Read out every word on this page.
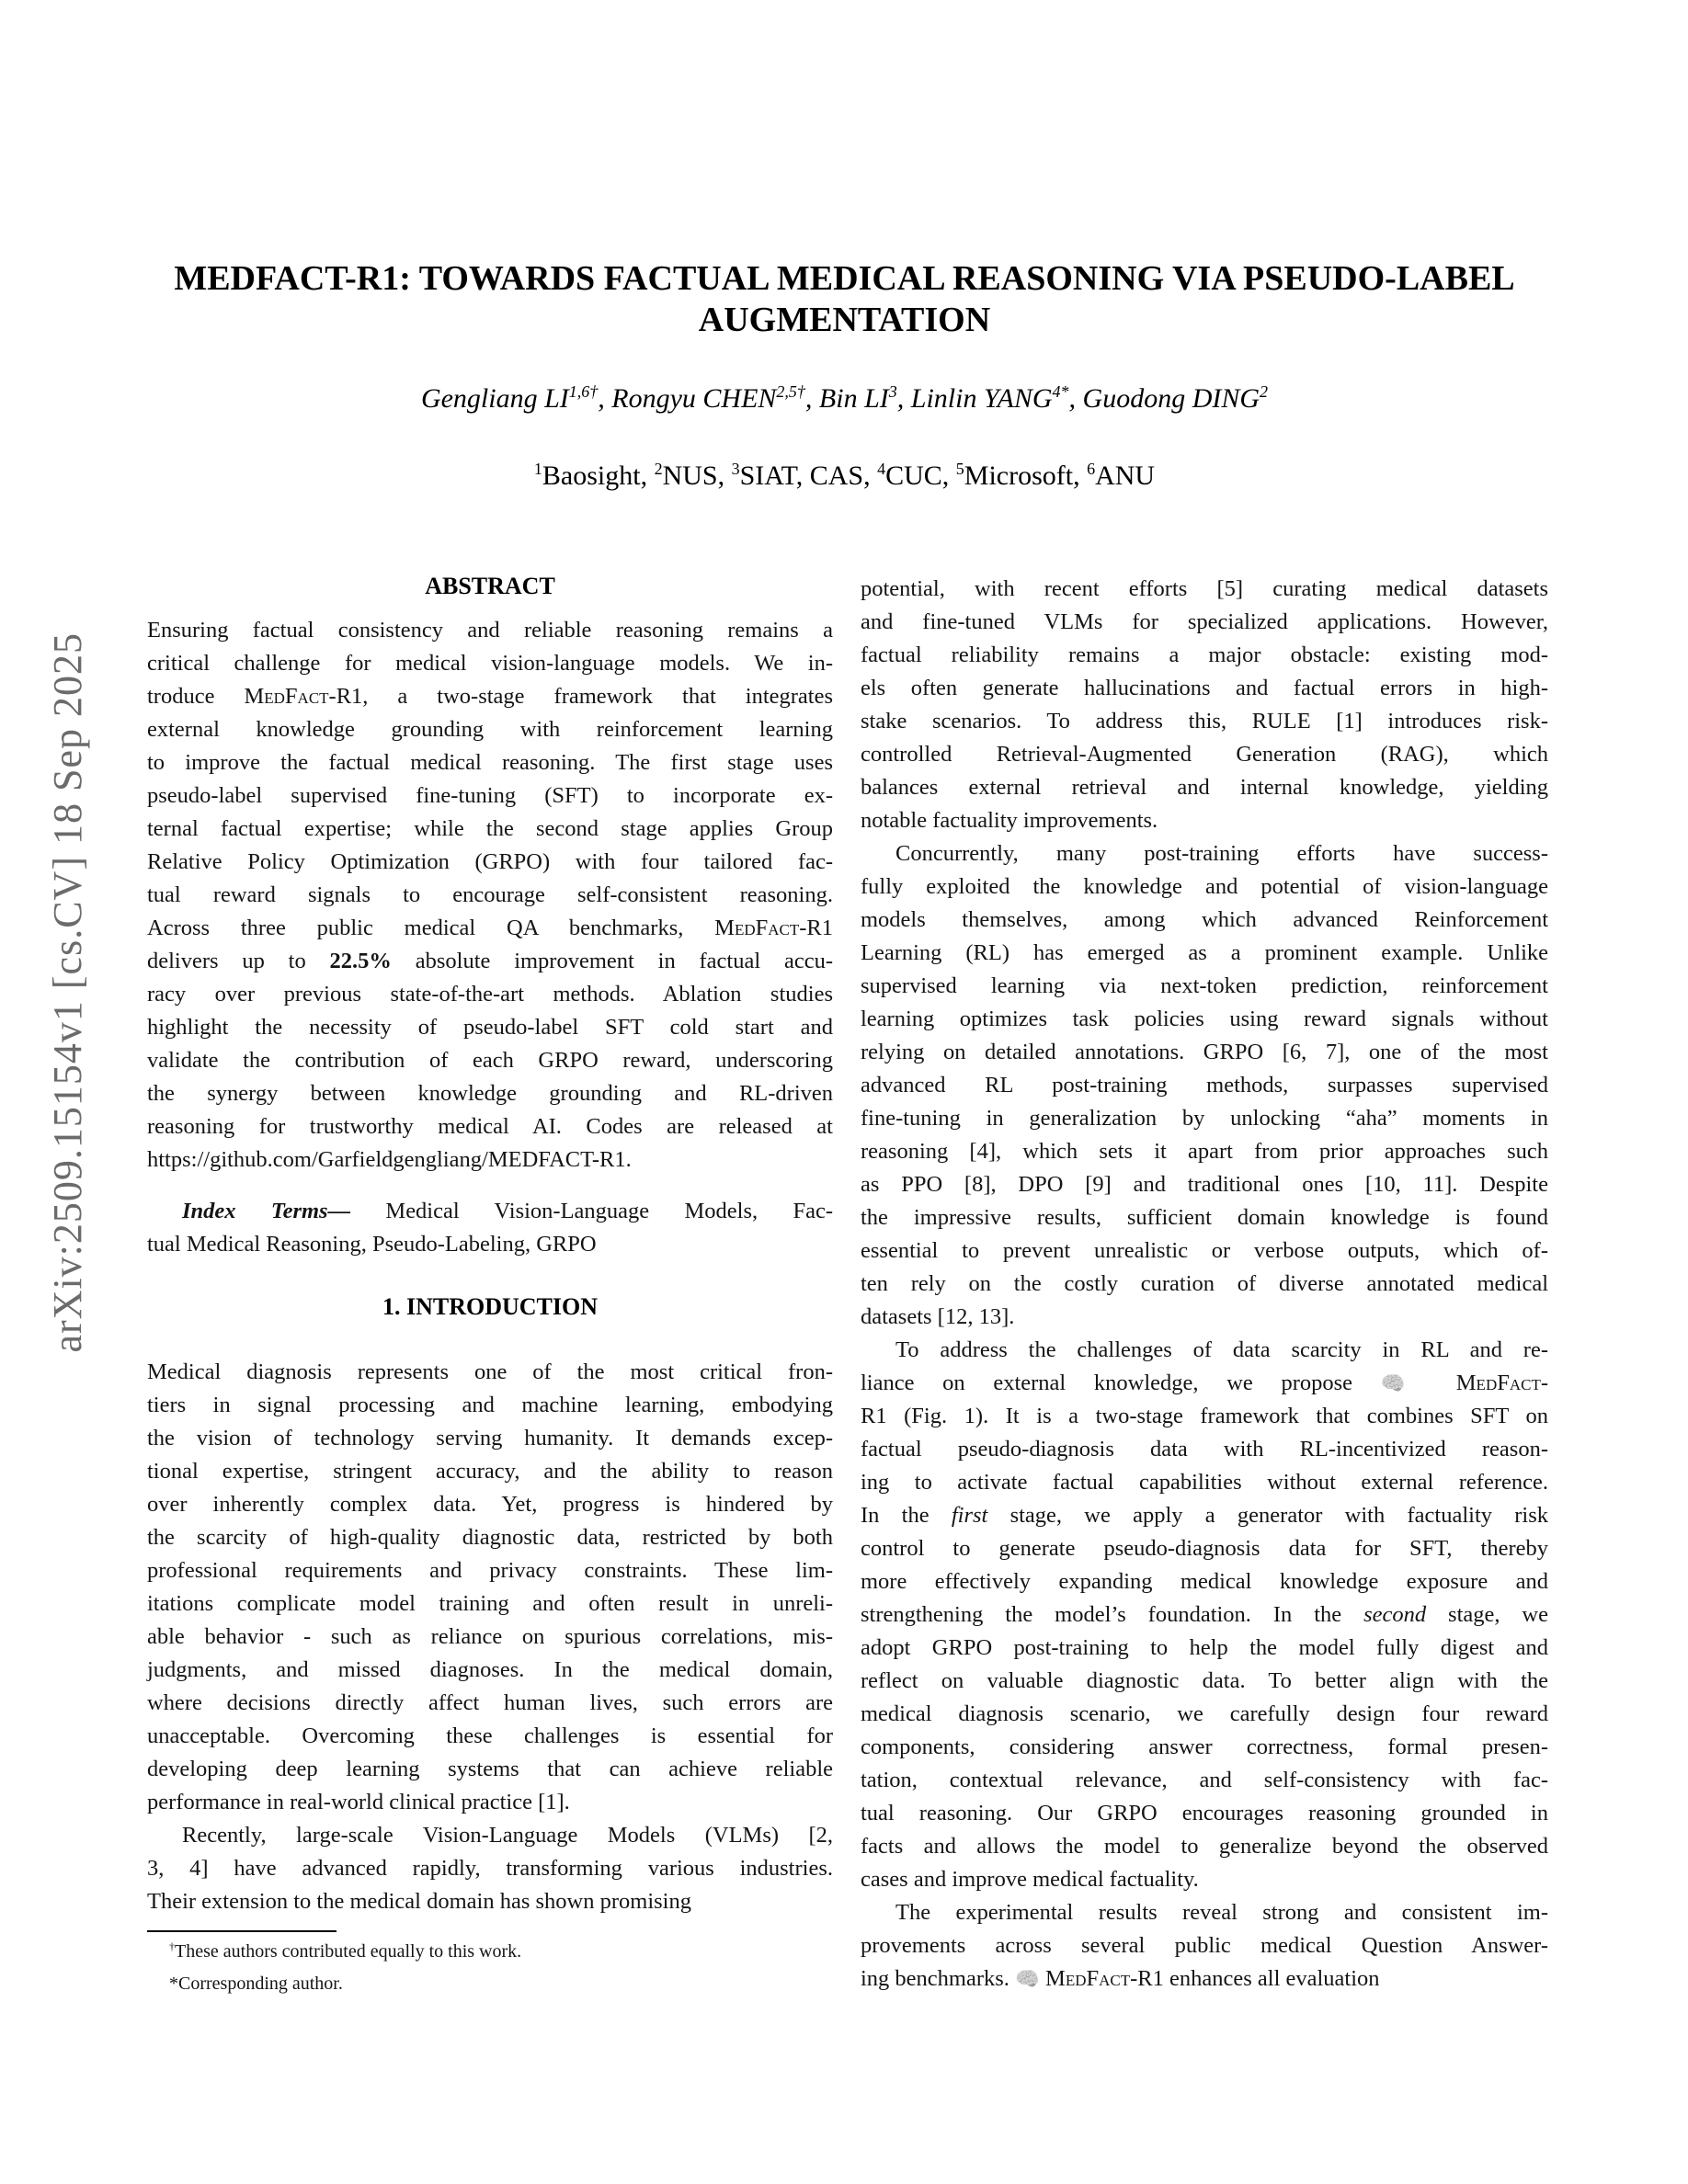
arXiv:2509.15154v1 [cs.CV] 18 Sep 2025
MEDFACT-R1: TOWARDS FACTUAL MEDICAL REASONING VIA PSEUDO-LABEL
AUGMENTATION
Gengliang $LI^{1,6\dagger}$, Rongyu $CHEN^{2,5\dagger}$, Bin $LI^3$, Linlin $YANG^{4*}$, Guodong DING$^2$
$^1$Baosight, $^2$NUS, $^3$SIAT, CAS, $^4$CUC, $^5$Microsoft, $^6$ANU
ABSTRACT
Ensuring factual consistency and reliable reasoning remains a
critical challenge for medical vision-language models. We in-
troduce MedFact-R1, a two-stage framework that integrates
external knowledge grounding with reinforcement learning
to improve the factual medical reasoning. The first stage uses
pseudo-label supervised fine-tuning (SFT) to incorporate ex-
ternal factual expertise; while the second stage applies Group
Relative Policy Optimization (GRPO) with four tailored fac-
tual reward signals to encourage self-consistent reasoning.
Across three public medical QA benchmarks, MedFact-R1
delivers up to 22.5% absolute improvement in factual accu-
racy over previous state-of-the-art methods. Ablation studies
highlight the necessity of pseudo-label SFT cold start and
validate the contribution of each GRPO reward, underscoring
the synergy between knowledge grounding and RL-driven
reasoning for trustworthy medical AI. Codes are released at
https://github.com/Garfieldgengliang/MEDFACT-R1.
Index Terms— Medical Vision-Language Models, Fac-
tual Medical Reasoning, Pseudo-Labeling, GRPO
1. INTRODUCTION
Medical diagnosis represents one of the most critical fron-
tiers in signal processing and machine learning, embodying
the vision of technology serving humanity. It demands excep-
tional expertise, stringent accuracy, and the ability to reason
over inherently complex data. Yet, progress is hindered by
the scarcity of high-quality diagnostic data, restricted by both
professional requirements and privacy constraints. These lim-
itations complicate model training and often result in unreli-
able behavior - such as reliance on spurious correlations, mis-
judgments, and missed diagnoses. In the medical domain,
where decisions directly affect human lives, such errors are
unacceptable. Overcoming these challenges is essential for
developing deep learning systems that can achieve reliable
performance in real-world clinical practice [1].
Recently, large-scale Vision-Language Models (VLMs) [2,
3, 4] have advanced rapidly, transforming various industries.
Their extension to the medical domain has shown promising
†These authors contributed equally to this work.
*Corresponding author.
potential, with recent efforts [5] curating medical datasets
and fine-tuned VLMs for specialized applications. However,
factual reliability remains a major obstacle: existing mod-
els often generate hallucinations and factual errors in high-
stake scenarios. To address this, RULE [1] introduces risk-
controlled Retrieval-Augmented Generation (RAG), which
balances external retrieval and internal knowledge, yielding
notable factuality improvements.
Concurrently, many post-training efforts have success-
fully exploited the knowledge and potential of vision-language
models themselves, among which advanced Reinforcement
Learning (RL) has emerged as a prominent example. Unlike
supervised learning via next-token prediction, reinforcement
learning optimizes task policies using reward signals without
relying on detailed annotations. GRPO [6, 7], one of the most
advanced RL post-training methods, surpasses supervised
fine-tuning in generalization by unlocking “aha” moments in
reasoning [4], which sets it apart from prior approaches such
as PPO [8], DPO [9] and traditional ones [10, 11]. Despite
the impressive results, sufficient domain knowledge is found
essential to prevent unrealistic or verbose outputs, which of-
ten rely on the costly curation of diverse annotated medical
datasets [12, 13].
To address the challenges of data scarcity in RL and re-
liance on external knowledge, we propose 🧠 MedFact-
R1 (Fig. 1). It is a two-stage framework that combines SFT on
factual pseudo-diagnosis data with RL-incentivized reason-
ing to activate factual capabilities without external reference.
In the first stage, we apply a generator with factuality risk
control to generate pseudo-diagnosis data for SFT, thereby
more effectively expanding medical knowledge exposure and
strengthening the model’s foundation. In the second stage, we
adopt GRPO post-training to help the model fully digest and
reflect on valuable diagnostic data. To better align with the
medical diagnosis scenario, we carefully design four reward
components, considering answer correctness, formal presen-
tation, contextual relevance, and self-consistency with fac-
tual reasoning. Our GRPO encourages reasoning grounded in
facts and allows the model to generalize beyond the observed
cases and improve medical factuality.
The experimental results reveal strong and consistent im-
provements across several public medical Question Answer-
ing benchmarks. 🧠 MedFact-R1 enhances all evaluation
